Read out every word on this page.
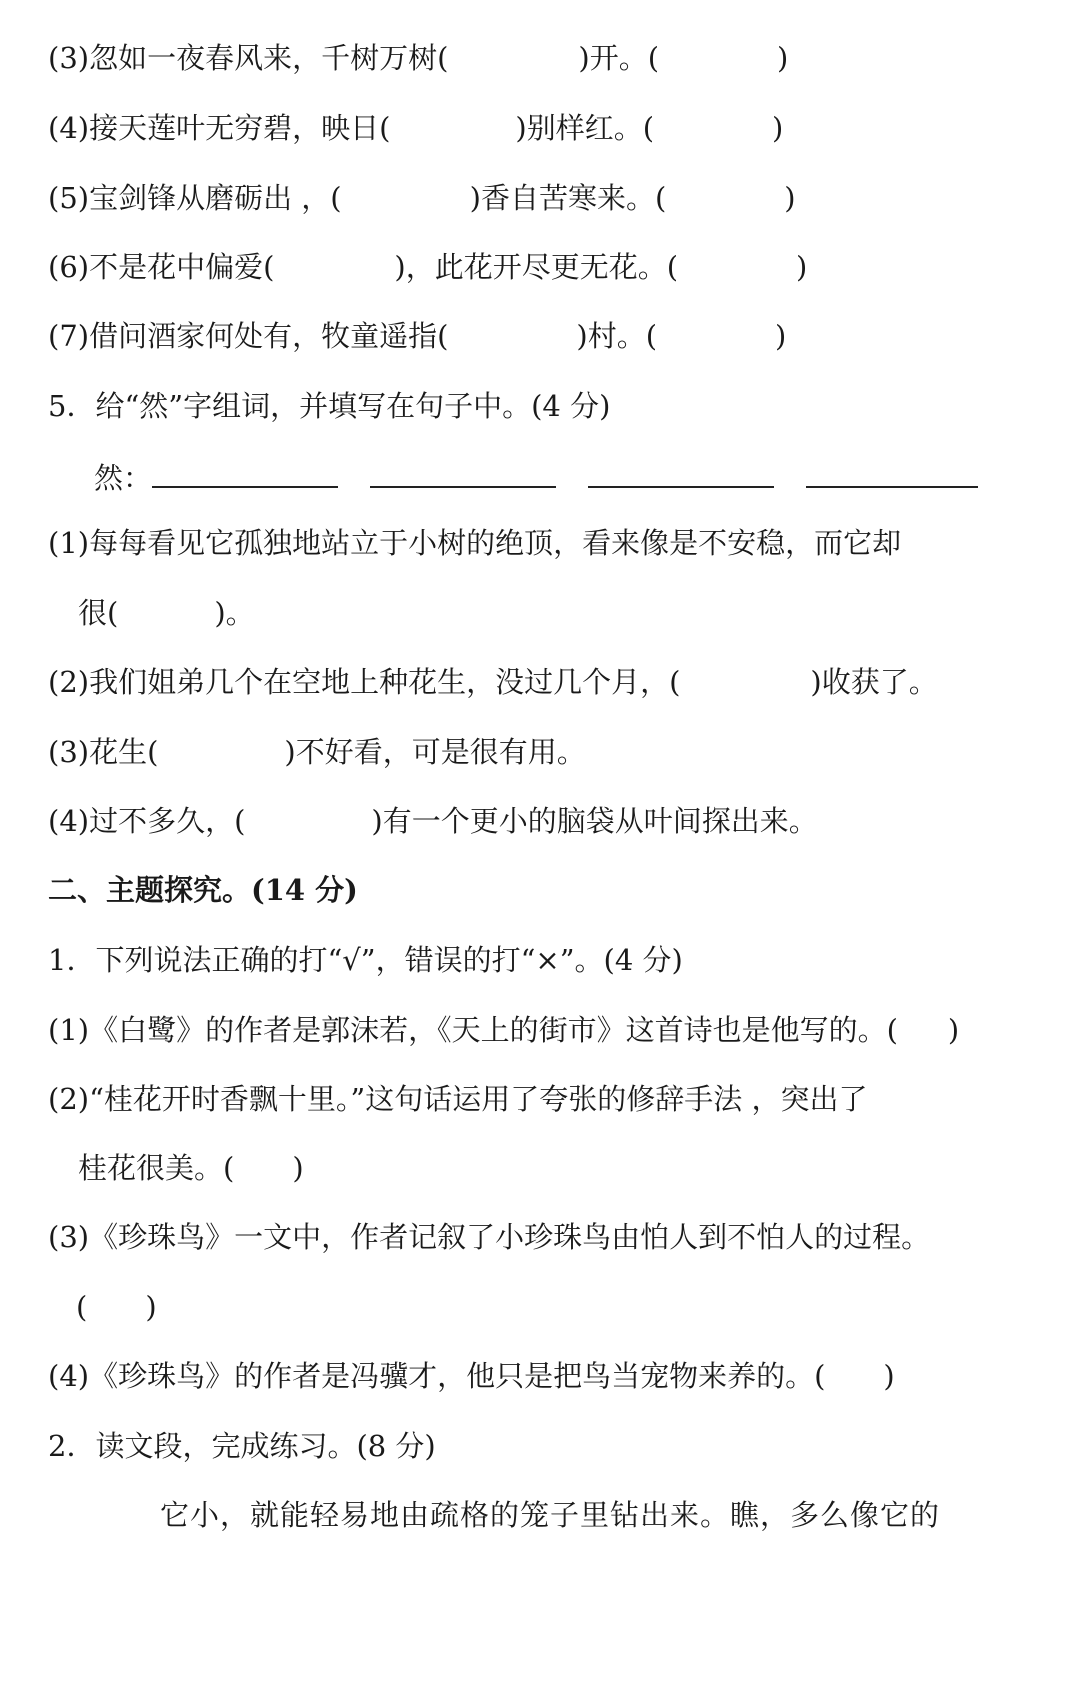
(3)忽如一夜春风来，千树万树(	)开。(	)
(4)接天莲叶无穷碧，映日(	)别样红。(	)
(5)宝剑锋从磨砺出 ，(	)香自苦寒来。(	)
(6)不是花中偏爱(	)，此花开尽更无花。(	)
(7)借问酒家何处有，牧童遥指(	)村。(	)
5．给“然”字组词，并填写在句子中。(4 分)
然：
(1)每每看见它孤独地站立于小树的绝顶，看来像是不安稳，而它却
很(	)。
(2)我们姐弟几个在空地上种花生，没过几个月，(	)收获了。
(3)花生(	)不好看，可是很有用。
(4)过不多久，(	)有一个更小的脑袋从叶间探出来。
二、主题探究。(14 分)
1．下列说法正确的打“√”，错误的打“×”。(4 分)
(1)《白鹭》的作者是郭沫若，《天上的街市》这首诗也是他写的。( )
(2)“桂花开时香飘十里。”这句话运用了夸张的修辞手法 ，突出了
桂花很美。( )
(3)《珍珠鸟》一文中，作者记叙了小珍珠鸟由怕人到不怕人的过程。
( )
(4)《珍珠鸟》的作者是冯骥才，他只是把鸟当宠物来养的。( )
2．读文段，完成练习。(8 分)
它小，就能轻易地由疏格的笼子里钻出来。瞧，多么像它的
